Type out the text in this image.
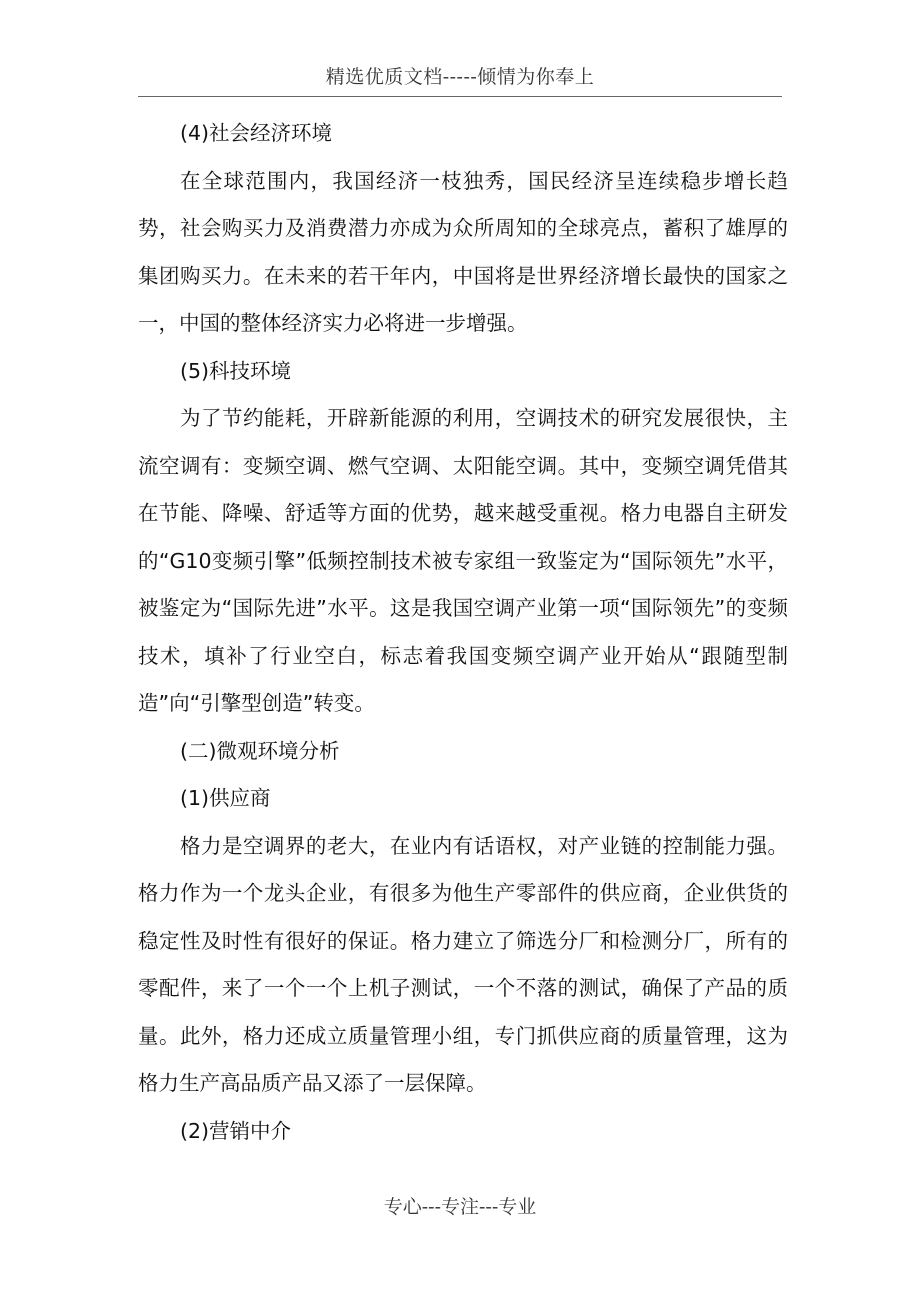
精选优质文档-----倾情为你奉上

(4)社会经济环境

在全球范围内，我国经济一枝独秀，国民经济呈连续稳步增长趋势，社会购买力及消费潜力亦成为众所周知的全球亮点，蓄积了雄厚的集团购买力。在未来的若干年内，中国将是世界经济增长最快的国家之一，中国的整体经济实力必将进一步增强。

(5)科技环境

为了节约能耗，开辟新能源的利用，空调技术的研究发展很快，主流空调有：变频空调、燃气空调、太阳能空调。其中，变频空调凭借其在节能、降噪、舒适等方面的优势，越来越受重视。格力电器自主研发的“G10变频引擎”低频控制技术被专家组一致鉴定为“国际领先”水平，被鉴定为“国际先进”水平。这是我国空调产业第一项“国际领先”的变频技术，填补了行业空白，标志着我国变频空调产业开始从“跟随型制造”向“引擎型创造”转变。

(二)微观环境分析

(1)供应商

格力是空调界的老大，在业内有话语权，对产业链的控制能力强。格力作为一个龙头企业，有很多为他生产零部件的供应商，企业供货的稳定性及时性有很好的保证。格力建立了筛选分厂和检测分厂，所有的零配件，来了一个一个上机子测试，一个不落的测试，确保了产品的质量。此外，格力还成立质量管理小组，专门抓供应商的质量管理，这为格力生产高品质产品又添了一层保障。

(2)营销中介

专心---专注---专业
